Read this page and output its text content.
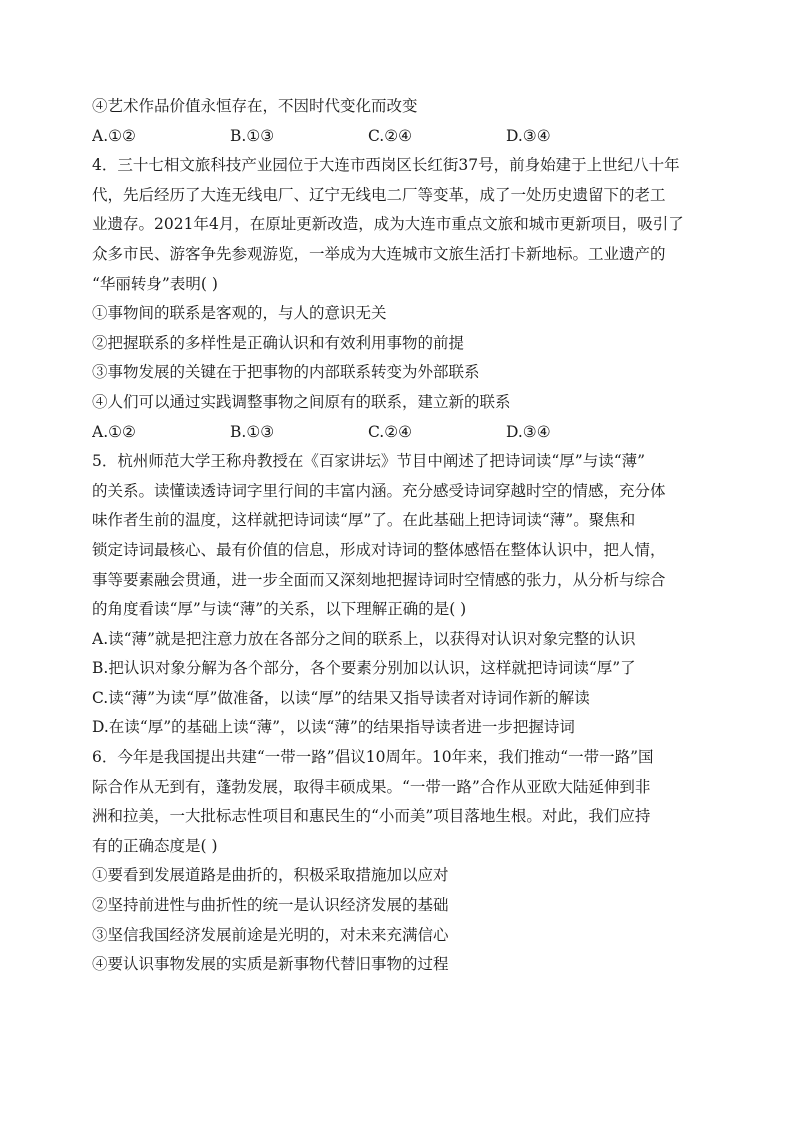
④艺术作品价值永恒存在，不因时代变化而改变
A.①②	B.①③	C.②④	D.③④
4．三十七相文旅科技产业园位于大连市西岗区长红街37号，前身始建于上世纪八十年
代，先后经历了大连无线电厂、辽宁无线电二厂等变革，成了一处历史遗留下的老工
业遗存。2021年4月，在原址更新改造，成为大连市重点文旅和城市更新项目，吸引了
众多市民、游客争先参观游览，一举成为大连城市文旅生活打卡新地标。工业遗产的
“华丽转身”表明( )
①事物间的联系是客观的，与人的意识无关
②把握联系的多样性是正确认识和有效利用事物的前提
③事物发展的关键在于把事物的内部联系转变为外部联系
④人们可以通过实践调整事物之间原有的联系，建立新的联系
A.①②	B.①③	C.②④	D.③④
5．杭州师范大学王称舟教授在《百家讲坛》节目中阐述了把诗词读“厚”与读“薄”
的关系。读懂读透诗词字里行间的丰富内涵。充分感受诗词穿越时空的情感，充分体
味作者生前的温度，这样就把诗词读“厚”了。在此基础上把诗词读“薄”。聚焦和
锁定诗词最核心、最有价值的信息，形成对诗词的整体感悟在整体认识中，把人情，
事等要素融会贯通，进一步全面而又深刻地把握诗词时空情感的张力，从分析与综合
的角度看读“厚”与读“薄”的关系，以下理解正确的是( )
A.读“薄”就是把注意力放在各部分之间的联系上，以获得对认识对象完整的认识
B.把认识对象分解为各个部分，各个要素分别加以认识，这样就把诗词读“厚”了
C.读“薄”为读“厚”做准备，以读“厚”的结果又指导读者对诗词作新的解读
D.在读“厚”的基础上读“薄”，以读“薄”的结果指导读者进一步把握诗词
6．今年是我国提出共建“一带一路”倡议10周年。10年来，我们推动“一带一路”国
际合作从无到有，蓬勃发展，取得丰硕成果。“一带一路”合作从亚欧大陆延伸到非
洲和拉美，一大批标志性项目和惠民生的“小而美”项目落地生根。对此，我们应持
有的正确态度是( )
①要看到发展道路是曲折的，积极采取措施加以应对
②坚持前进性与曲折性的统一是认识经济发展的基础
③坚信我国经济发展前途是光明的，对未来充满信心
④要认识事物发展的实质是新事物代替旧事物的过程
